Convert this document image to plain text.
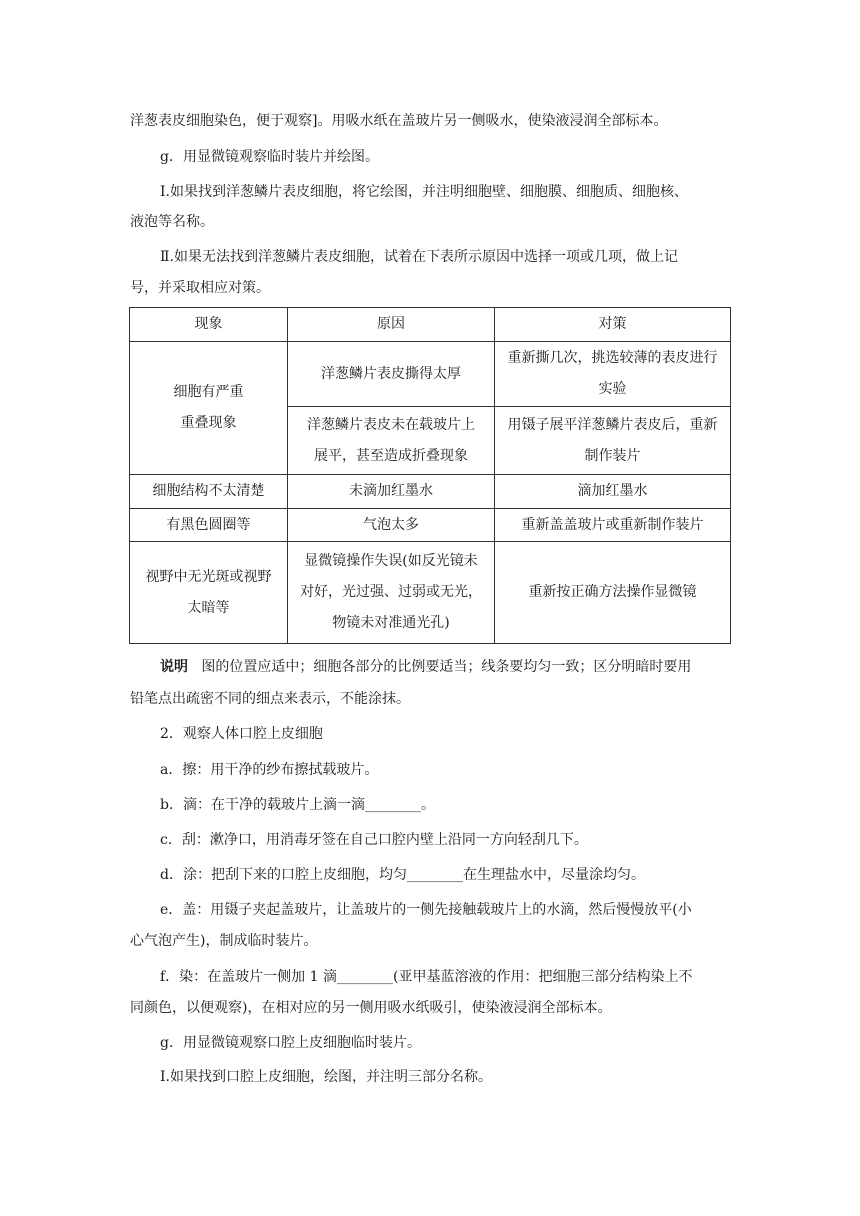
洋葱表皮细胞染色，便于观察]。用吸水纸在盖玻片另一侧吸水，使染液浸润全部标本。
g．用显微镜观察临时装片并绘图。
Ⅰ.如果找到洋葱鳞片表皮细胞，将它绘图，并注明细胞壁、细胞膜、细胞质、细胞核、
液泡等名称。
Ⅱ.如果无法找到洋葱鳞片表皮细胞，试着在下表所示原因中选择一项或几项，做上记
号，并采取相应对策。
现象	原因	对策

细胞有严重
重叠现象	洋葱鳞片表皮撕得太厚	重新撕几次，挑选较薄的表皮进行
实验

	洋葱鳞片表皮未在载玻片上
展平，甚至造成折叠现象	用镊子展平洋葱鳞片表皮后，重新
制作装片

细胞结构不太清楚	未滴加红墨水	滴加红墨水
有黑色圆圈等	气泡太多	重新盖盖玻片或重新制作装片

视野中无光斑或视野
太暗等	显微镜操作失误(如反光镜未
对好，光过强、过弱或无光，
物镜未对准通光孔)	重新按正确方法操作显微镜
说明 图的位置应适中；细胞各部分的比例要适当；线条要均匀一致；区分明暗时要用
铅笔点出疏密不同的细点来表示，不能涂抹。
2．观察人体口腔上皮细胞
a．擦：用干净的纱布擦拭载玻片。
b．滴：在干净的载玻片上滴一滴________。
c．刮：漱净口，用消毒牙签在自己口腔内壁上沿同一方向轻刮几下。
d．涂：把刮下来的口腔上皮细胞，均匀________在生理盐水中，尽量涂均匀。
e．盖：用镊子夹起盖玻片，让盖玻片的一侧先接触载玻片上的水滴，然后慢慢放平(小
心气泡产生)，制成临时装片。
f．染：在盖玻片一侧加 1 滴________(亚甲基蓝溶液的作用：把细胞三部分结构染上不
同颜色，以便观察)，在相对应的另一侧用吸水纸吸引，使染液浸润全部标本。
g．用显微镜观察口腔上皮细胞临时装片。
Ⅰ.如果找到口腔上皮细胞，绘图，并注明三部分名称。
